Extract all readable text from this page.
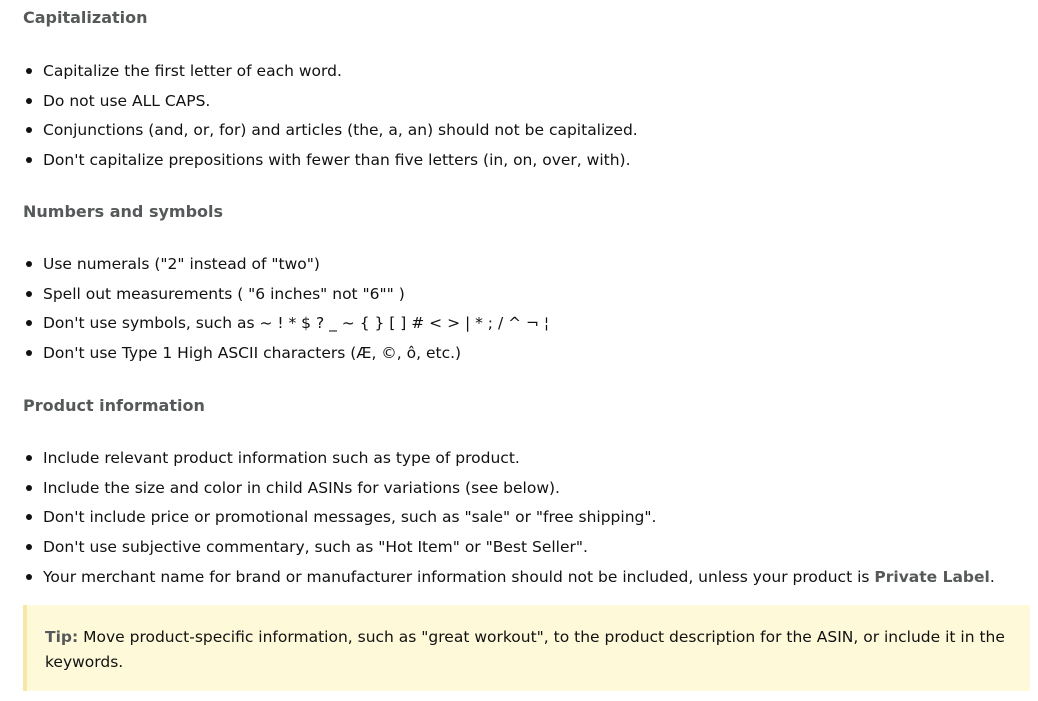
Capitalization
Capitalize the first letter of each word.
Do not use ALL CAPS.
Conjunctions (and, or, for) and articles (the, a, an) should not be capitalized.
Don't capitalize prepositions with fewer than five letters (in, on, over, with).
Numbers and symbols
Use numerals ("2" instead of "two")
Spell out measurements ( "6 inches" not "6"" )
Don't use symbols, such as ~ ! * $ ? _ ~ { } [ ] # < > | * ; / ^ ¬ ¦
Don't use Type 1 High ASCII characters (Æ, ©, ô, etc.)
Product information
Include relevant product information such as type of product.
Include the size and color in child ASINs for variations (see below).
Don't include price or promotional messages, such as "sale" or "free shipping".
Don't use subjective commentary, such as "Hot Item" or "Best Seller".
Your merchant name for brand or manufacturer information should not be included, unless your product is Private Label.

Tip: Move product-specific information, such as "great workout", to the product description for the ASIN, or include it in the keywords.
